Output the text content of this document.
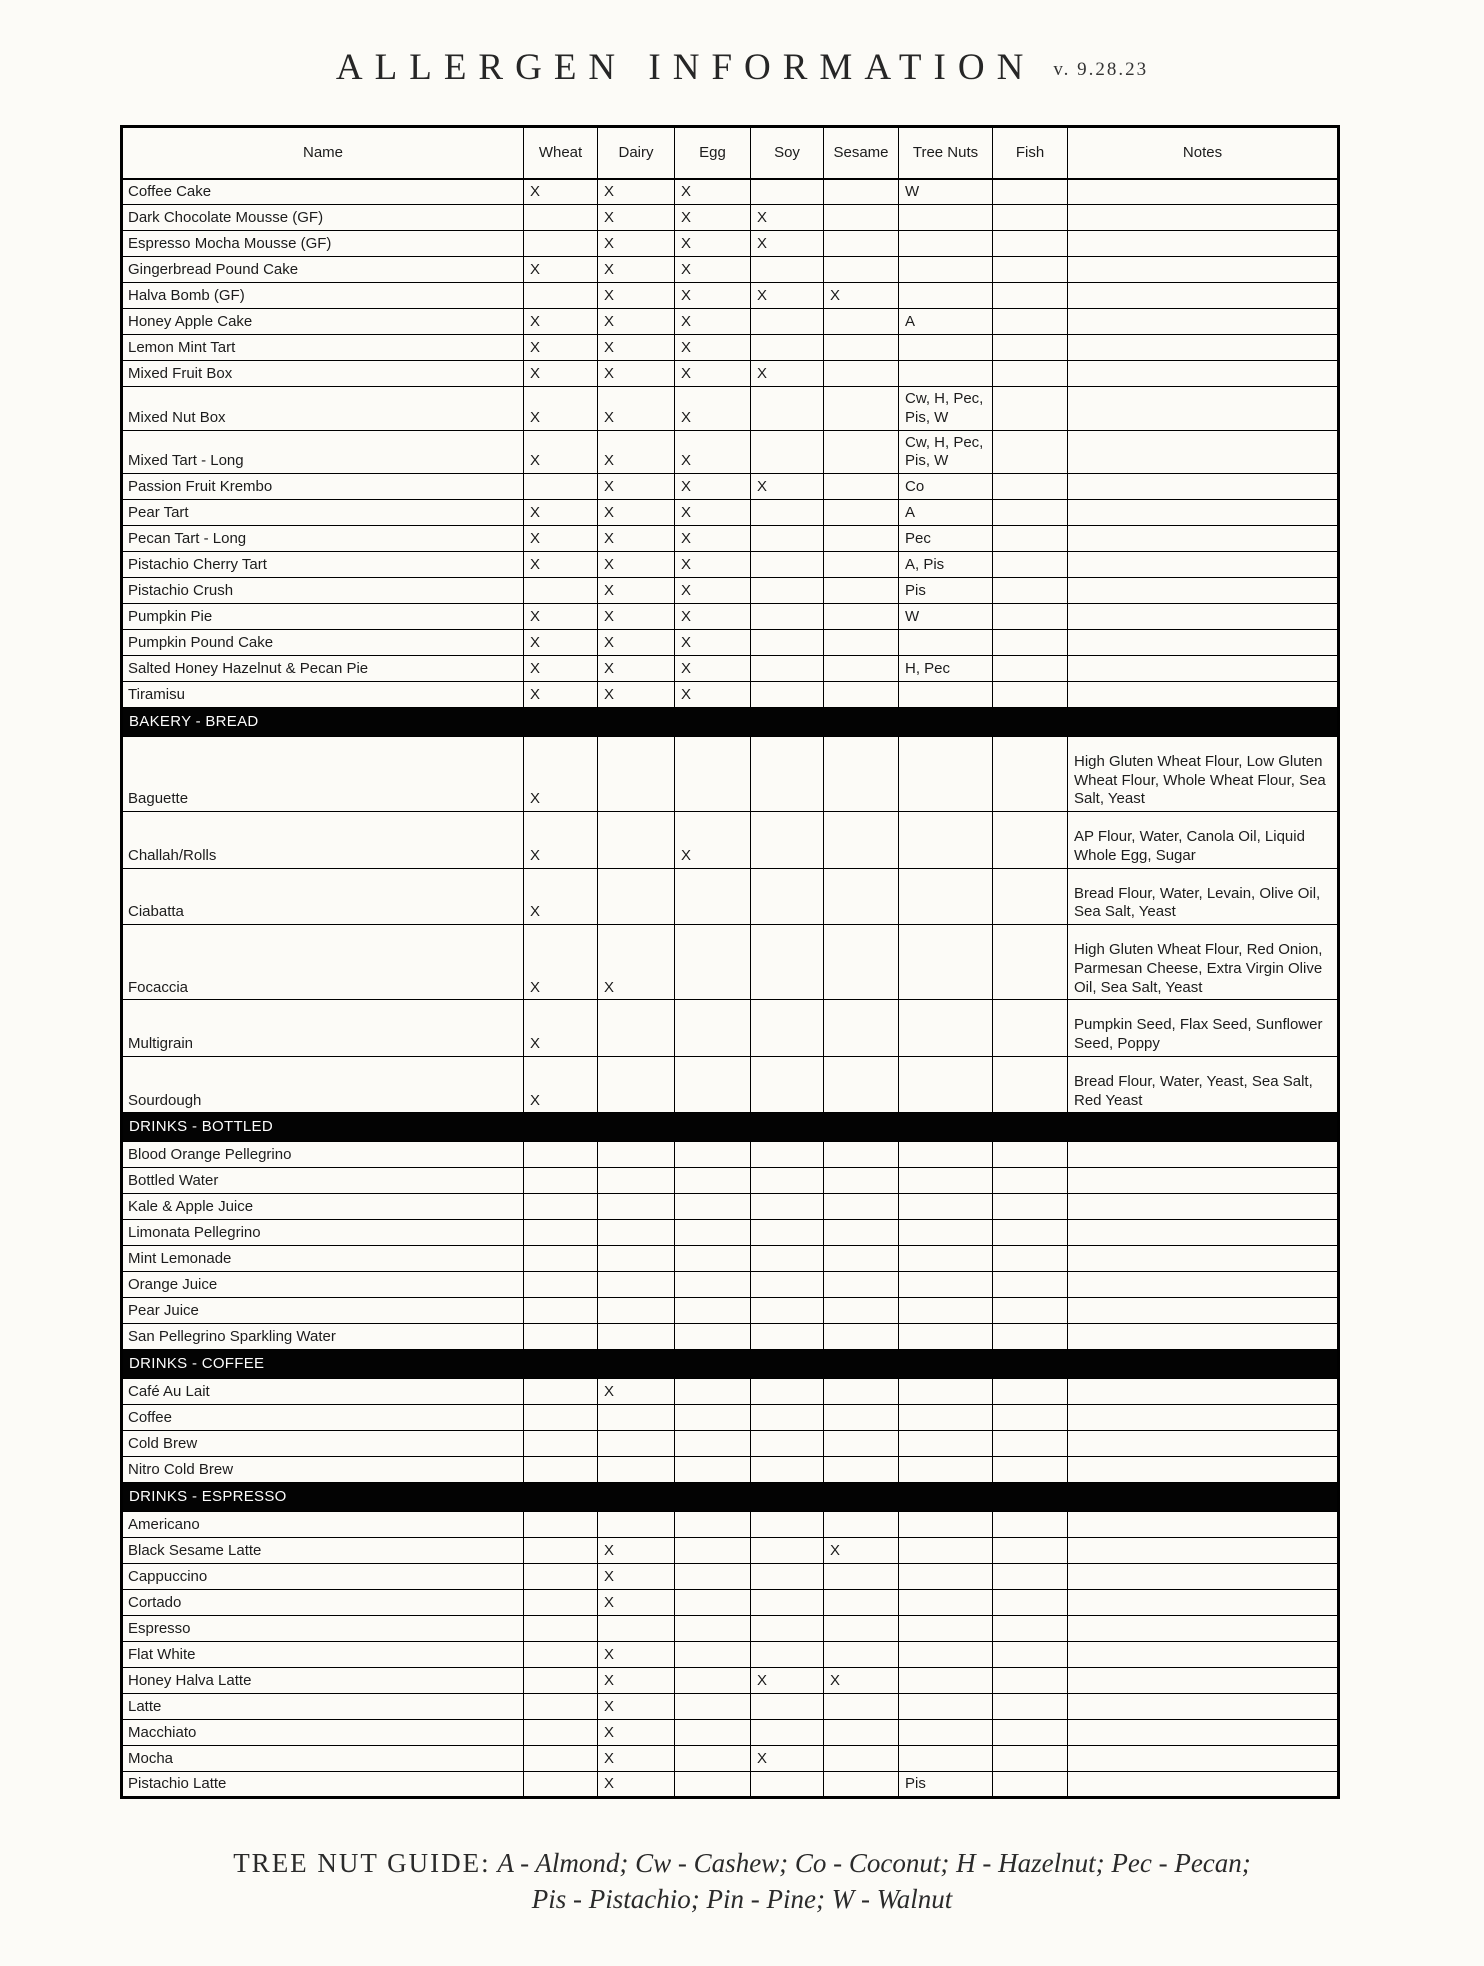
ALLERGEN INFORMATION v. 9.28.23
Name	Wheat	Dairy	Egg	Soy	Sesame	Tree Nuts	Fish	Notes
Coffee Cake	X	X	X			W		
Dark Chocolate Mousse (GF)		X	X	X				
Espresso Mocha Mousse (GF)		X	X	X				
Gingerbread Pound Cake	X	X	X					
Halva Bomb (GF)		X	X	X	X			
Honey Apple Cake	X	X	X			A		
Lemon Mint Tart	X	X	X					
Mixed Fruit Box	X	X	X	X				
Mixed Nut Box	X	X	X			Cw, H, Pec, Pis, W		
Mixed Tart - Long	X	X	X			Cw, H, Pec, Pis, W		
Passion Fruit Krembo		X	X	X		Co		
Pear Tart	X	X	X			A		
Pecan Tart - Long	X	X	X			Pec		
Pistachio Cherry Tart	X	X	X			A, Pis		
Pistachio Crush		X	X			Pis		
Pumpkin Pie	X	X	X			W		
Pumpkin Pound Cake	X	X	X					
Salted Honey Hazelnut & Pecan Pie	X	X	X			H, Pec		
Tiramisu	X	X	X					
BAKERY - BREAD								
Baguette	X							High Gluten Wheat Flour, Low Gluten Wheat Flour, Whole Wheat Flour, Sea Salt, Yeast
Challah/Rolls	X		X					AP Flour, Water, Canola Oil, Liquid Whole Egg, Sugar
Ciabatta	X							Bread Flour, Water, Levain, Olive Oil, Sea Salt, Yeast
Focaccia	X	X						High Gluten Wheat Flour, Red Onion, Parmesan Cheese, Extra Virgin Olive Oil, Sea Salt, Yeast
Multigrain	X							Pumpkin Seed, Flax Seed, Sunflower Seed, Poppy
Sourdough	X							Bread Flour, Water, Yeast, Sea Salt, Red Yeast
DRINKS - BOTTLED								
Blood Orange Pellegrino								
Bottled Water								
Kale & Apple Juice								
Limonata Pellegrino								
Mint Lemonade								
Orange Juice								
Pear Juice								
San Pellegrino Sparkling Water								
DRINKS - COFFEE								
Café Au Lait		X						
Coffee								
Cold Brew								
Nitro Cold Brew								
DRINKS - ESPRESSO								
Americano								
Black Sesame Latte		X			X			
Cappuccino		X						
Cortado		X						
Espresso								
Flat White		X						
Honey Halva Latte		X		X	X			
Latte		X						
Macchiato		X						
Mocha		X		X				
Pistachio Latte		X				Pis		
TREE NUT GUIDE: A - Almond; Cw - Cashew; Co - Coconut; H - Hazelnut; Pec - Pecan;
Pis - Pistachio; Pin - Pine; W - Walnut
